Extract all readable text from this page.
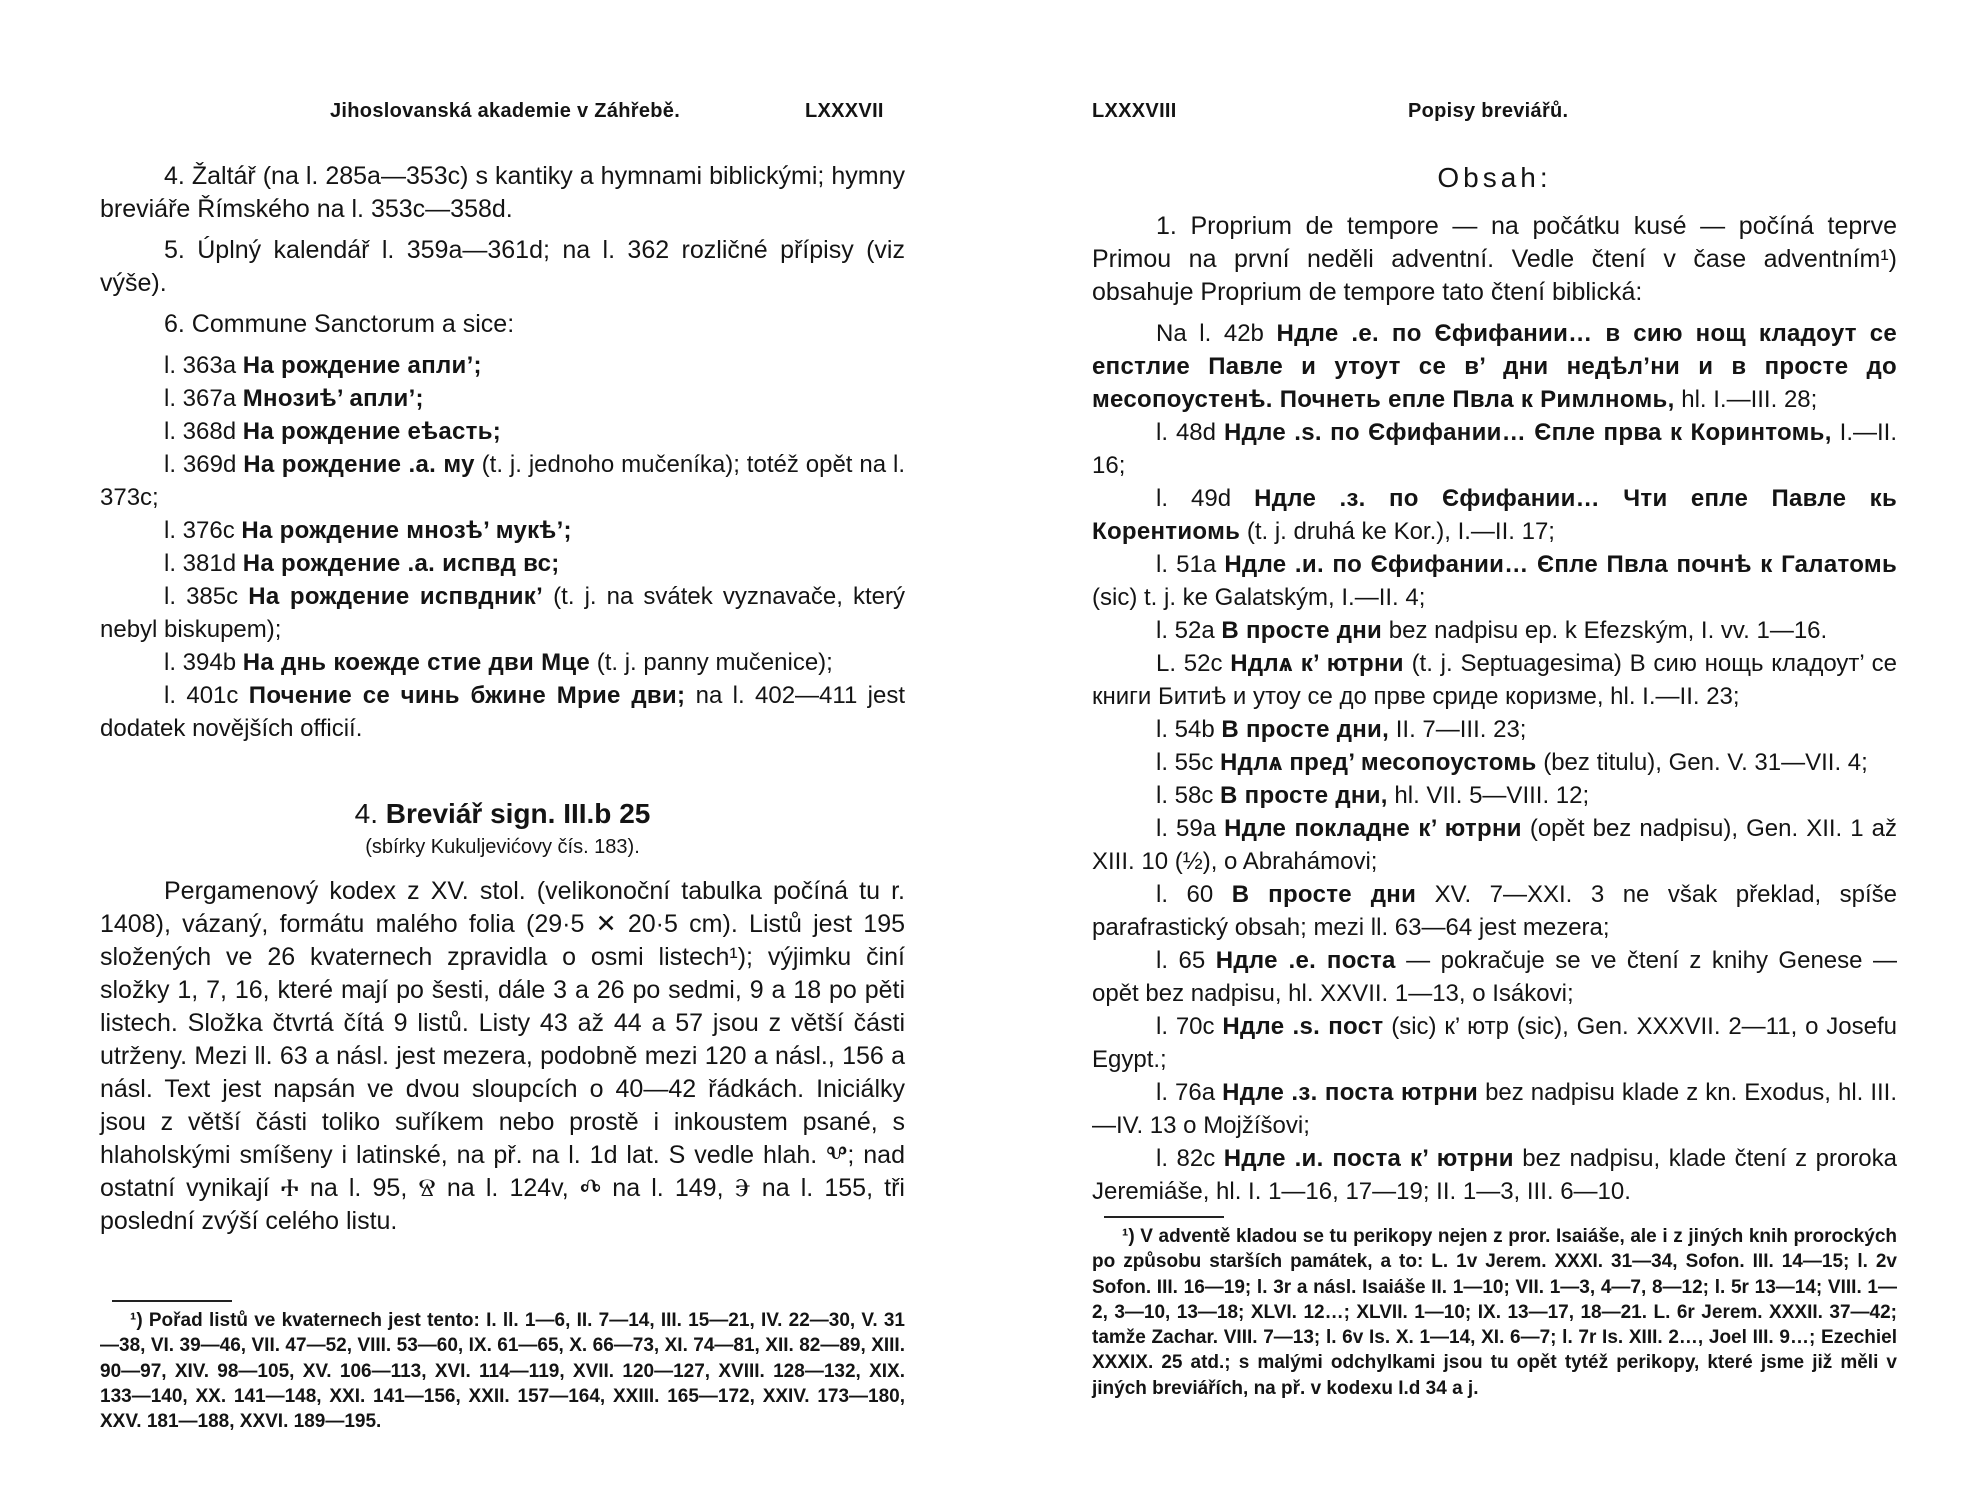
Jihoslovanská akademie v Záhřebě.	LXXXVII

4. Žaltář (na l. 285a—353c) s kantiky a hymnami biblickými; hymny breviáře Římského na l. 353c—358d.

5. Úplný kalendář l. 359a—361d; na l. 362 rozličné přípisy (viz výše).

6. Commune Sanctorum a sice:

l. 363a На рождение апли’;

l. 367a Мнозиѣ’ апли’;

l. 368d На рождение еѣасть;

l. 369d На рождение .а. му (t. j. jednoho mučeníka); totéž opět na l. 373c;

l. 376c На рождение мнозѣ’ мукѣ’;

l. 381d На рождение .а. испвд вс;

l. 385c На рождение испвдник’ (t. j. na svátek vyznavače, který nebyl biskupem);

l. 394b На днь коежде стие дви Мце (t. j. panny mučenice);

l. 401c Почение се чинь бжине Мрие дви; na l. 402—411 jest dodatek novějších officií.

4. Breviář sign. III.b 25
(sbírky Kukuljevićovy čís. 183).

Pergamenový kodex z XV. stol. (velikonoční tabulka počíná tu r. 1408), vázaný, formátu malého folia (29·5 ✕ 20·5 cm). Listů jest 195 složených ve 26 kvaternech zpravidla o osmi listech¹); výjimku činí složky 1, 7, 16, které mají po šesti, dále 3 a 26 po sedmi, 9 a 18 po pěti listech. Složka čtvrtá čítá 9 listů. Listy 43 až 44 a 57 jsou z větší části utrženy. Mezi ll. 63 a násl. jest mezera, podobně mezi 120 a násl., 156 a násl. Text jest napsán ve dvou sloupcích o 40—42 řádkách. Iniciálky jsou z větší části toliko suříkem nebo prostě i inkoustem psané, s hlaholskými smíšeny i latinské, na př. na l. 1d lat. S vedle hlah. Ⰲ; nad ostatní vynikají Ⰰ na l. 95, Ⱄ na l. 124v, Ⰴ na l. 149, Ⰵ na l. 155, tři poslední zvýší celého listu.

¹) Pořad listů ve kvaternech jest tento: I. ll. 1—6, II. 7—14, III. 15—21, IV. 22—30, V. 31—38, VI. 39—46, VII. 47—52, VIII. 53—60, IX. 61—65, X. 66—73, XI. 74—81, XII. 82—89, XIII. 90—97, XIV. 98—105, XV. 106—113, XVI. 114—119, XVII. 120—127, XVIII. 128—132, XIX. 133—140, XX. 141—148, XXI. 141—156, XXII. 157—164, XXIII. 165—172, XXIV. 173—180, XXV. 181—188, XXVI. 189—195.

LXXXVIII	Popisy breviářů.
Obsah:

1. Proprium de tempore — na počátku kusé — počíná teprve Primou na první neděli adventní. Vedle čtení v čase adventním¹) obsahuje Proprium de tempore tato čtení biblická:

Na l. 42b Ндле .е. по Єфифании… в сию нощ кладоут се епстлие Павле и утоут се в’ дни недѣл’ни и в просте до месопоустенѣ. Почнеть епле Пвла к Римлномь, hl. I.—III. 28;

l. 48d Ндле .ѕ. по Єфифании… Єпле прва к Коринтомь, I.—II. 16;

l. 49d Ндле .з. по Єфифании… Чти епле Павле кь Корентиомь (t. j. druhá ke Kor.), I.—II. 17;

l. 51a Ндле .и. по Єфифании… Єпле Пвла почнѣ к Галатомь (sic) t. j. ke Galatským, I.—II. 4;

l. 52a В просте дни bez nadpisu ep. k Efezským, I. vv. 1—16.

L. 52c Ндлѧ к’ ютрни (t. j. Septuagesima) В сию нощь кладоут’ се книги Битиѣ и утоу се до прве сриде коризме, hl. I.—II. 23;

l. 54b В просте дни, II. 7—III. 23;

l. 55c Ндлѧ пред’ месопоустомь (bez titulu), Gen. V. 31—VII. 4;

l. 58c В просте дни, hl. VII. 5—VIII. 12;

l. 59a Ндле покладне к’ ютрни (opět bez nadpisu), Gen. XII. 1 až XIII. 10 (½), o Abrahámovi;

l. 60 В просте дни XV. 7—XXI. 3 ne však překlad, spíše parafrastický obsah; mezi ll. 63—64 jest mezera;

l. 65 Ндле .е. поста — pokračuje se ve čtení z knihy Genese — opět bez nadpisu, hl. XXVII. 1—13, o Isákovi;

l. 70c Ндле .ѕ. пост (sic) к’ ютр (sic), Gen. XXXVII. 2—11, o Josefu Egypt.;

l. 76a Ндле .з. поста ютрни bez nadpisu klade z kn. Exodus, hl. III.—IV. 13 o Mojžíšovi;

l. 82c Ндле .и. поста к’ ютрни bez nadpisu, klade čtení z proroka Jeremiáše, hl. I. 1—16, 17—19; II. 1—3, III. 6—10.

¹) V adventě kladou se tu perikopy nejen z pror. Isaiáše, ale i z jiných knih prorockých po způsobu starších památek, a to: L. 1v Jerem. XXXI. 31—34, Sofon. III. 14—15; l. 2v Sofon. III. 16—19; l. 3r a násl. Isaiáše II. 1—10; VII. 1—3, 4—7, 8—12; l. 5r 13—14; VIII. 1—2, 3—10, 13—18; XLVI. 12…; XLVII. 1—10; IX. 13—17, 18—21. L. 6r Jerem. XXXII. 37—42; tamže Zachar. VIII. 7—13; l. 6v Is. X. 1—14, XI. 6—7; l. 7r Is. XIII. 2…, Joel III. 9…; Ezechiel XXXIX. 25 atd.; s malými odchylkami jsou tu opět tytéž perikopy, které jsme již měli v jiných breviářích, na př. v kodexu I.d 34 a j.
